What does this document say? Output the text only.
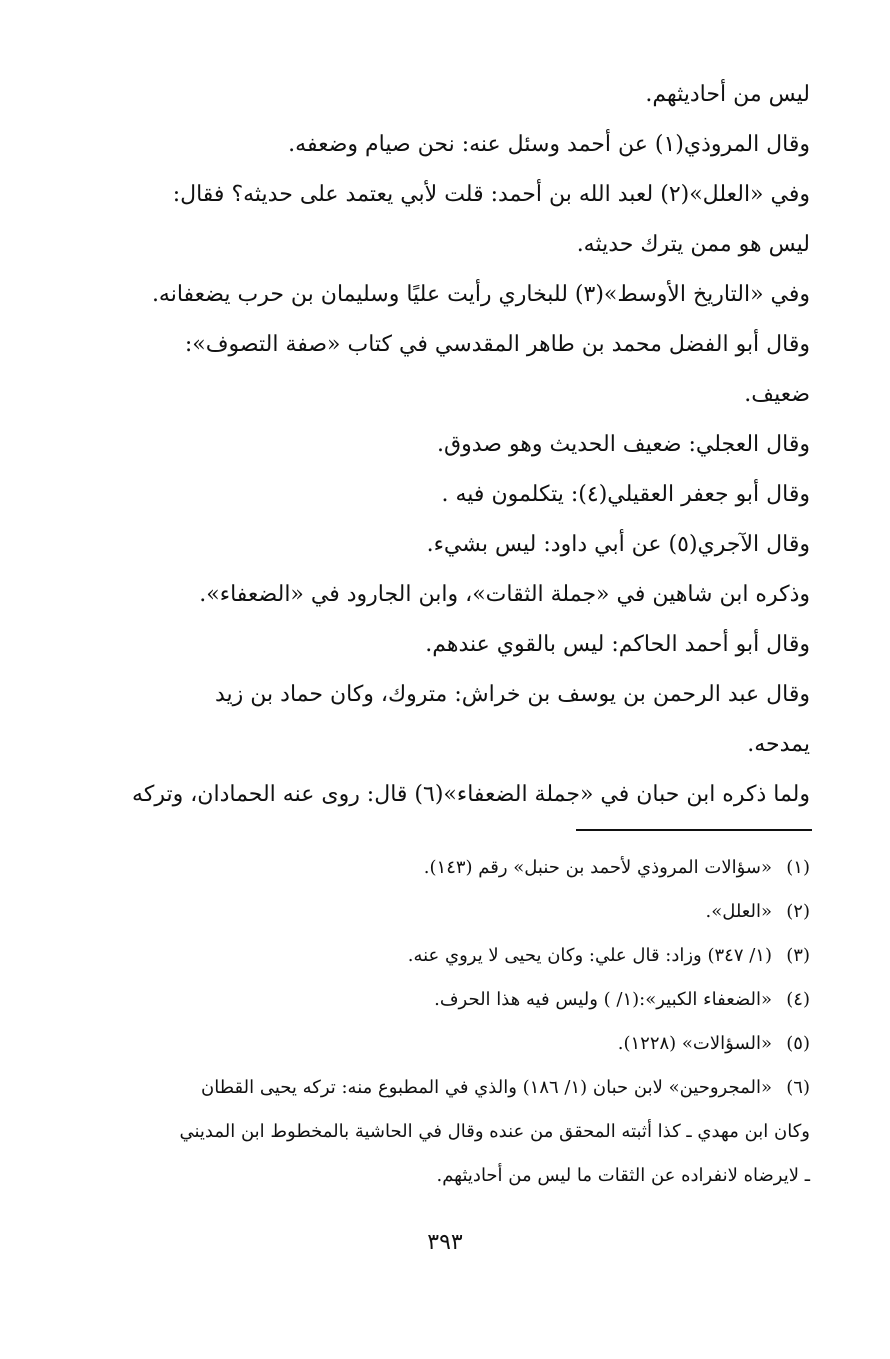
ليس من أحاديثهم.

وقال المروذي(١) عن أحمد وسئل عنه: نحن صيام وضعفه.

وفي «العلل»(٢) لعبد الله بن أحمد: قلت لأبي يعتمد على حديثه؟ فقال:
ليس هو ممن يترك حديثه.

وفي «التاريخ الأوسط»(٣) للبخاري رأيت عليًا وسليمان بن حرب يضعفانه.

وقال أبو الفضل محمد بن طاهر المقدسي في كتاب «صفة التصوف»:
ضعيف.

وقال العجلي: ضعيف الحديث وهو صدوق.

وقال أبو جعفر العقيلي(٤): يتكلمون فيه .

وقال الآجري(٥) عن أبي داود: ليس بشيء.

وذكره ابن شاهين في «جملة الثقات»، وابن الجارود في «الضعفاء».

وقال أبو أحمد الحاكم: ليس بالقوي عندهم.

وقال عبد الرحمن بن يوسف بن خراش: متروك، وكان حماد بن زيد
يمدحه.

ولما ذكره ابن حبان في «جملة الضعفاء»(٦) قال: روى عنه الحمادان، وتركه

(١)«سؤالات المروذي لأحمد بن حنبل» رقم (١٤٣).

(٢)«العلل».

(٣)(١/ ٣٤٧) وزاد: قال علي: وكان يحيى لا يروي عنه.

(٤)«الضعفاء الكبير»:(١/ ) وليس فيه هذا الحرف.

(٥)«السؤالات» (١٢٢٨).

(٦)«المجروحين» لابن حبان (١/ ١٨٦) والذي في المطبوع منه: تركه يحيى القطان
وكان ابن مهدي ـ كذا أثبته المحقق من عنده وقال في الحاشية بالمخطوط ابن المديني
ـ لايرضاه لانفراده عن الثقات ما ليس من أحاديثهم.

٣٩٣
